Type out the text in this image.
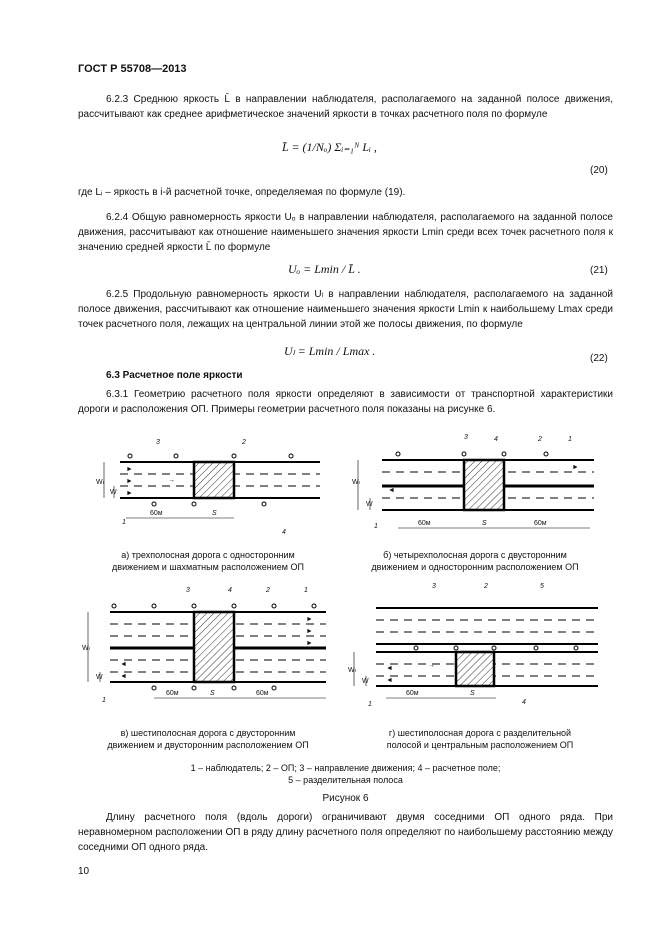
ГОСТ Р 55708—2013
6.2.3 Среднюю яркость L̄ в направлении наблюдателя, располагаемого на заданной полосе движения, рассчитывают как среднее арифметическое значений яркости в точках расчетного поля по формуле
L̄ = (1/Nₒ) Σᵢ₌₁ᴺ Lᵢ ,
(20)
где Lᵢ – яркость в i-й расчетной точке, определяемая по формуле (19).
6.2.4 Общую равномерность яркости Uₒ в направлении наблюдателя, располагаемого на заданной полосе движения, рассчитывают как отношение наименьшего значения яркости Lmin среди всех точек расчетного поля к значению средней яркости L̄ по формуле
Uₒ = Lmin / L̄ .	(21)
6.2.5 Продольную равномерность яркости Uₗ в направлении наблюдателя, располагаемого на заданной полосе движения, рассчитывают как отношение наименьшего значения яркости Lmin к наибольшему Lmax среди точек расчетного поля, лежащих на центральной линии этой же полосы движения, по формуле
Uₗ = Lmin / Lmax .
(22)
6.3 Расчетное поле яркости
6.3.1 Геометрию расчетного поля яркости определяют в зависимости от транспортной характеристики дороги и расположения ОП. Примеры геометрии расчетного поля показаны на рисунке 6.
►
►
►
→
Wₗ
W
60м	S
3	2
4
1
а) трехполосная дорога с односторонним
движением и шахматным расположением ОП
◄
►
Wₗ
W
60м	S	60м
3	4	2	1
1
б) четырехполосная дорога с двусторонним
движением и односторонним расположением ОП
◄
◄
►
►
►
Wₗ
W
60м	S	60м
3	4	2	1
1
в) шестиполосная дорога с двусторонним
движением и двусторонним расположением ОП
◄
◄
→
Wₗ
W
60м	S
3	2	5
4
1
г) шестиполосная дорога с разделительной
полосой и центральным расположением ОП
1 – наблюдатель; 2 – ОП; 3 – направление движения; 4 – расчетное поле;
5 – разделительная полоса
Рисунок 6
Длину расчетного поля (вдоль дороги) ограничивают двумя соседними ОП одного ряда. При неравномерном расположении ОП в ряду длину расчетного поля определяют по наибольшему расстоянию между соседними ОП одного ряда.
10
